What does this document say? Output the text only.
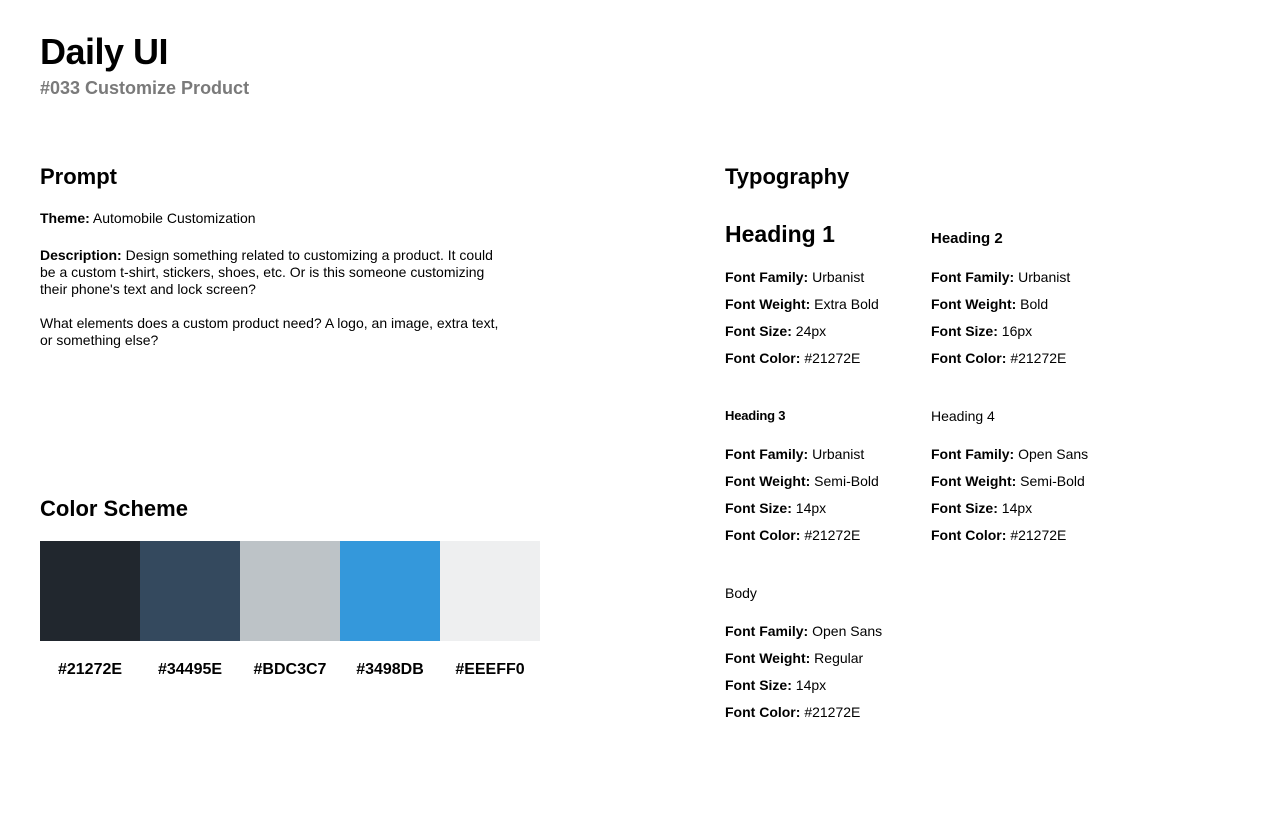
Daily UI
#033 Customize Product
Prompt

Theme: Automobile Customization

Description: Design something related to customizing a product. It could be a custom t-shirt, stickers, shoes, etc. Or is this someone customizing their phone's text and lock screen?

What elements does a custom product need? A logo, an image, extra text, or something else?

Color Scheme
#21272E	#34495E	#BDC3C7	#3498DB	#EEEFF0
Typography
Heading 1
Font Family: Urbanist
Font Weight: Extra Bold
Font Size: 24px
Font Color: #21272E
Heading 2
Font Family: Urbanist
Font Weight: Bold
Font Size: 16px
Font Color: #21272E
Heading 3
Font Family: Urbanist
Font Weight: Semi-Bold
Font Size: 14px
Font Color: #21272E
Heading 4
Font Family: Open Sans
Font Weight: Semi-Bold
Font Size: 14px
Font Color: #21272E
Body
Font Family: Open Sans
Font Weight: Regular
Font Size: 14px
Font Color: #21272E
